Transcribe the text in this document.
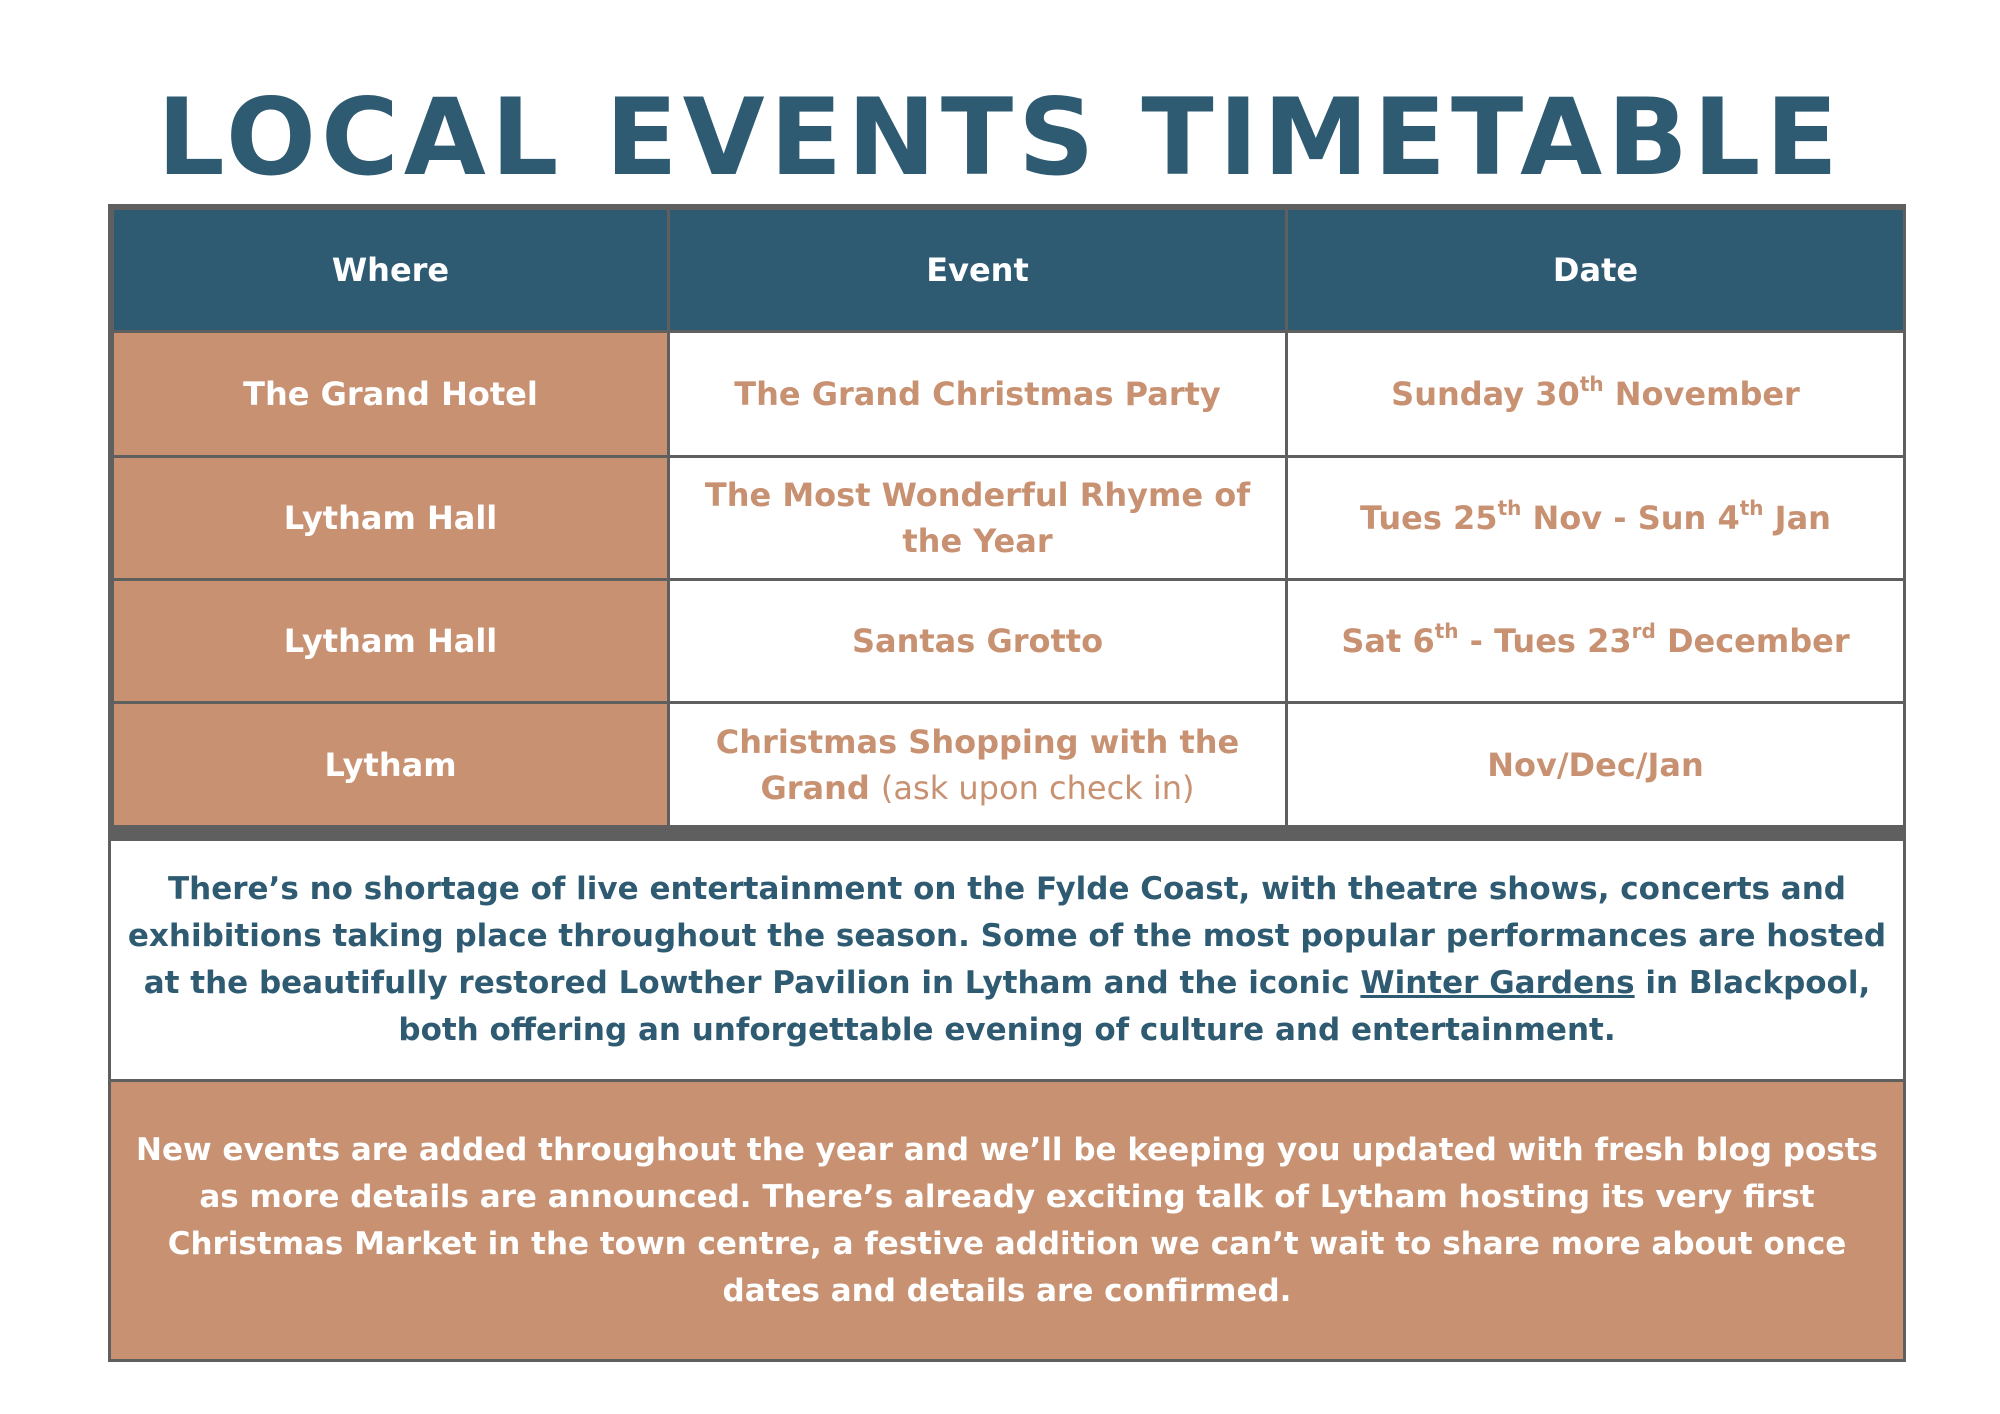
LOCAL EVENTS TIMETABLE
Where	Event	Date
The Grand Hotel	The Grand Christmas Party	Sunday 30th November
Lytham Hall	The Most Wonderful Rhyme of the Year	Tues 25th Nov - Sun 4th Jan
Lytham Hall	Santas Grotto	Sat 6th - Tues 23rd December
Lytham	Christmas Shopping with the Grand (ask upon check in)	Nov/Dec/Jan
There’s no shortage of live entertainment on the Fylde Coast, with theatre shows, concerts and exhibitions taking place throughout the season. Some of the most popular performances are hosted at the beautifully restored Lowther Pavilion in Lytham and the iconic Winter Gardens in Blackpool, both offering an unforgettable evening of culture and entertainment.
New events are added throughout the year and we’ll be keeping you updated with fresh blog posts as more details are announced. There’s already exciting talk of Lytham hosting its very first Christmas Market in the town centre, a festive addition we can’t wait to share more about once dates and details are confirmed.
